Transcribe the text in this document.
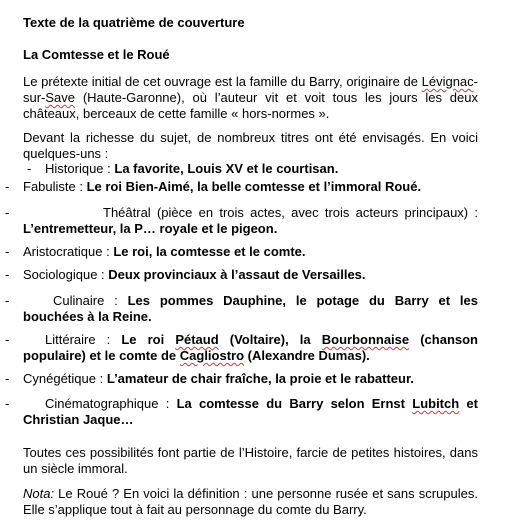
Texte de la quatrième de couverture

La Comtesse et le Roué

Le prétexte initial de cet ouvrage est la famille du Barry, originaire de Lévignac-sur-Save (Haute-Garonne), où l’auteur vit et voit tous les jours les deux châteaux, berceaux de cette famille « hors-normes ».

Devant la richesse du sujet, de nombreux titres ont été envisagés. En voici quelques-uns :

- Historique : La favorite, Louis XV et le courtisan.

- Fabuliste : Le roi Bien-Aimé, la belle comtesse et l’immoral Roué.

-	Théâtral (pièce en trois actes, avec trois acteurs principaux) : L’entremetteur, la P… royale et le pigeon.

- Aristocratique : Le roi, la comtesse et le comte.

- Sociologique : Deux provinciaux à l’assaut de Versailles.

-	Culinaire : Les pommes Dauphine, le potage du Barry et les bouchées à la Reine.

-	Littéraire : Le roi Pétaud (Voltaire), la Bourbonnaise (chanson populaire) et le comte de Cagliostro (Alexandre Dumas).

- Cynégétique : L’amateur de chair fraîche, la proie et le rabatteur.

-	Cinématographique : La comtesse du Barry selon Ernst Lubitch et Christian Jaque…

Toutes ces possibilités font partie de l’Histoire, farcie de petites histoires, dans un siècle immoral.

Nota: Le Roué ? En voici la définition : une personne rusée et sans scrupules. Elle s’applique tout à fait au personnage du comte du Barry.
